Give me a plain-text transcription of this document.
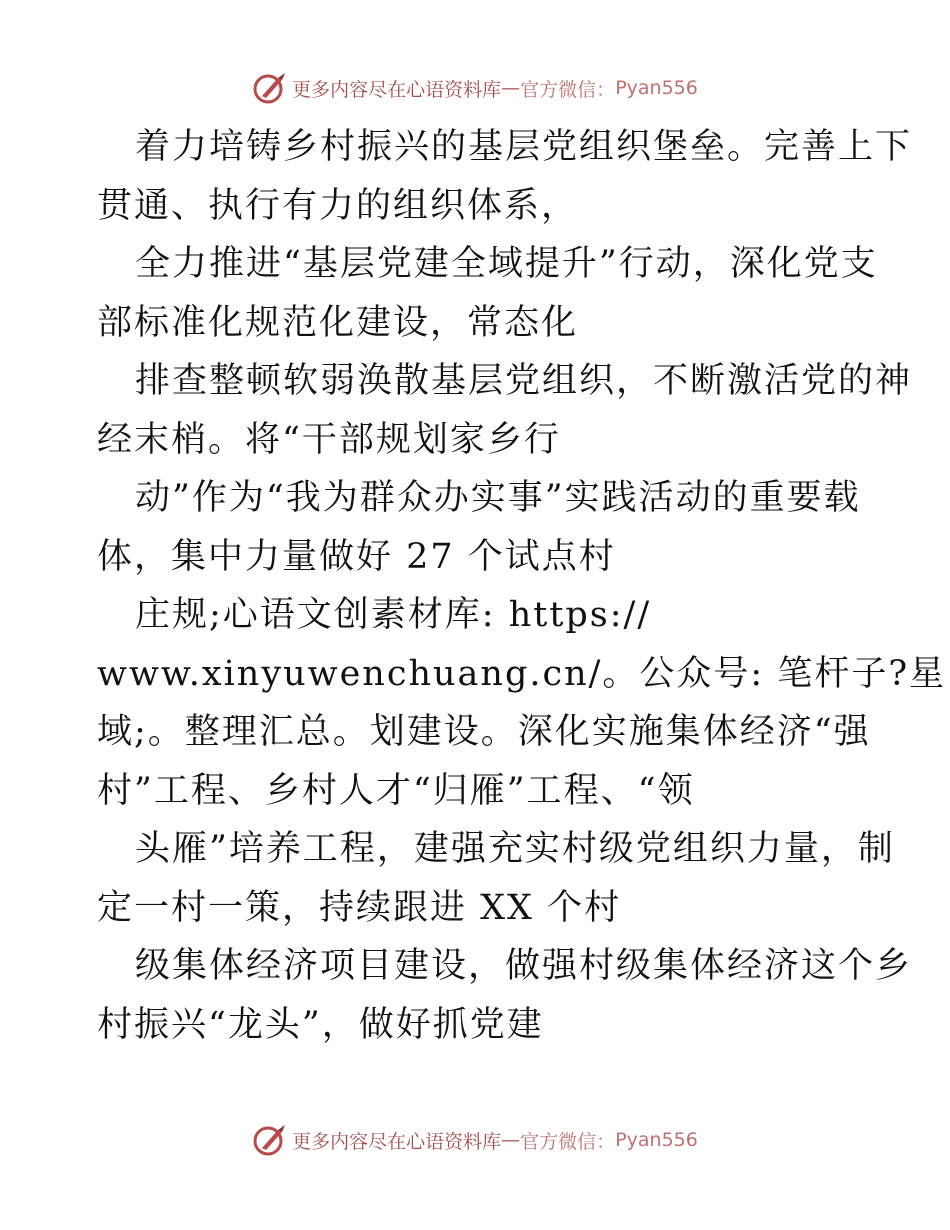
更多内容尽在心语资料库 — 官方微信： Pyan556
着力培铸乡村振兴的基层党组织堡垒。完善上下
贯通、执行有力的组织体系，
全力推进“基层党建全域提升”行动，深化党支
部标准化规范化建设，常态化
排查整顿软弱涣散基层党组织，不断激活党的神
经末梢。将“干部规划家乡行
动”作为“我为群众办实事”实践活动的重要载
体，集中力量做好 27 个试点村
庄规;心语文创素材库: https://
www.xinyuwenchuang.cn/。公众号: 笔杆子?星
域;。整理汇总。划建设。深化实施集体经济“强
村”工程、乡村人才“归雁”工程、“领
头雁”培养工程，建强充实村级党组织力量，制
定一村一策，持续跟进 XX 个村
级集体经济项目建设，做强村级集体经济这个乡
村振兴“龙头”，做好抓党建
更多内容尽在心语资料库 — 官方微信： Pyan556
